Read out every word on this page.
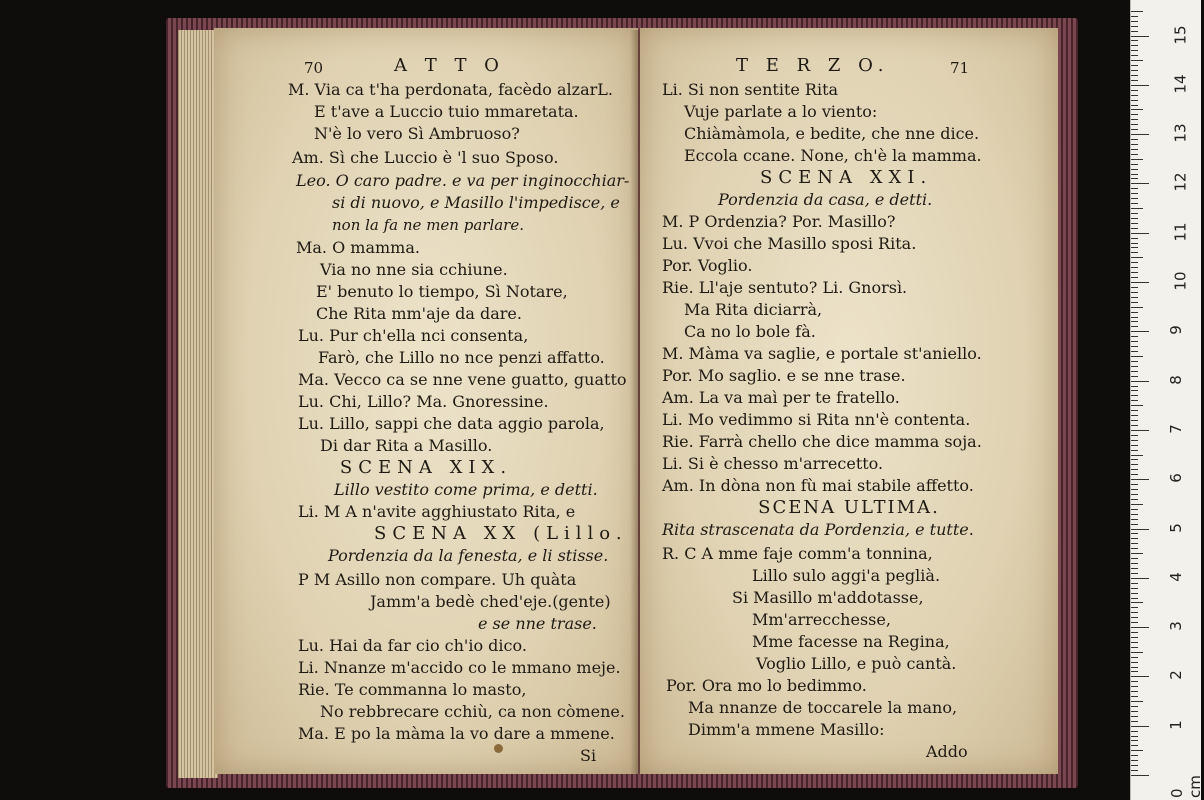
70	A T T O
M. Via ca t'ha perdonata, facèdo alzarL.
E t'ave a Luccio tuio mmaretata.
N'è lo vero Sì Ambruoso?
Am. Sì che Luccio è 'l suo Sposo.
Leo. O caro padre. e va per inginocchiar-
si di nuovo, e Masillo l'impedisce, e
non la fa ne men parlare.
Ma. O mamma.
Via no nne sia cchiune.
E' benuto lo tiempo, Sì Notare,
Che Rita mm'aje da dare.
Lu. Pur ch'ella nci consenta,
Farò, che Lillo no nce penzi affatto.
Ma. Vecco ca se nne vene guatto, guatto
Lu. Chi, Lillo? Ma. Gnoressine.
Lu. Lillo, sappi che data aggio parola,
Di dar Rita a Masillo.
SCENA XIX.
Lillo vestito come prima, e detti.
Li. M A n'avite agghiustato Rita, e
SCENA XX (Lillo.
Pordenzia da la fenesta, e li stisse.
P M Asillo non compare. Uh quàta
Jamm'a bedè ched'eje.(gente)
e se nne trase.
Lu. Hai da far cio ch'io dico.
Li. Nnanze m'accido co le mmano meje.
Rie. Te commanna lo masto,
No rebbrecare cchiù, ca non còmene.
Ma. E po la màma la vo dare a mmene.
Si
T E R Z O.	71
Li. Si non sentite Rita
Vuje parlate a lo viento:
Chiàmàmola, e bedite, che nne dice.
Eccola ccane. None, ch'è la mamma.
SCENA XXI.
Pordenzia da casa, e detti.
M. P Ordenzia? Por. Masillo?
Lu. Vvoi che Masillo sposi Rita.
Por. Voglio.
Rie. Ll'aje sentuto? Li. Gnorsì.
Ma Rita diciarrà,
Ca no lo bole fà.
M. Màma va saglie, e portale st'aniello.
Por. Mo saglio. e se nne trase.
Am. La va maì per te fratello.
Li. Mo vedimmo si Rita nn'è contenta.
Rie. Farrà chello che dice mamma soja.
Li. Si è chesso m'arrecetto.
Am. In dòna non fù mai stabile affetto.
SCENA ULTIMA.
Rita strascenata da Pordenzia, e tutte.
R. C A mme faje comm'a tonnina,
Lillo sulo aggi'a peglià.
Si Masillo m'addotasse,
Mm'arrecchesse,
Mme facesse na Regina,
Voglio Lillo, e può cantà.
Por. Ora mo lo bedimmo.
Ma nnanze de toccarele la mano,
Dimm'a mmene Masillo:
Addo
0 cm
1
2
3
4
5
6
7
8
9
10
11
12
13
14
15
